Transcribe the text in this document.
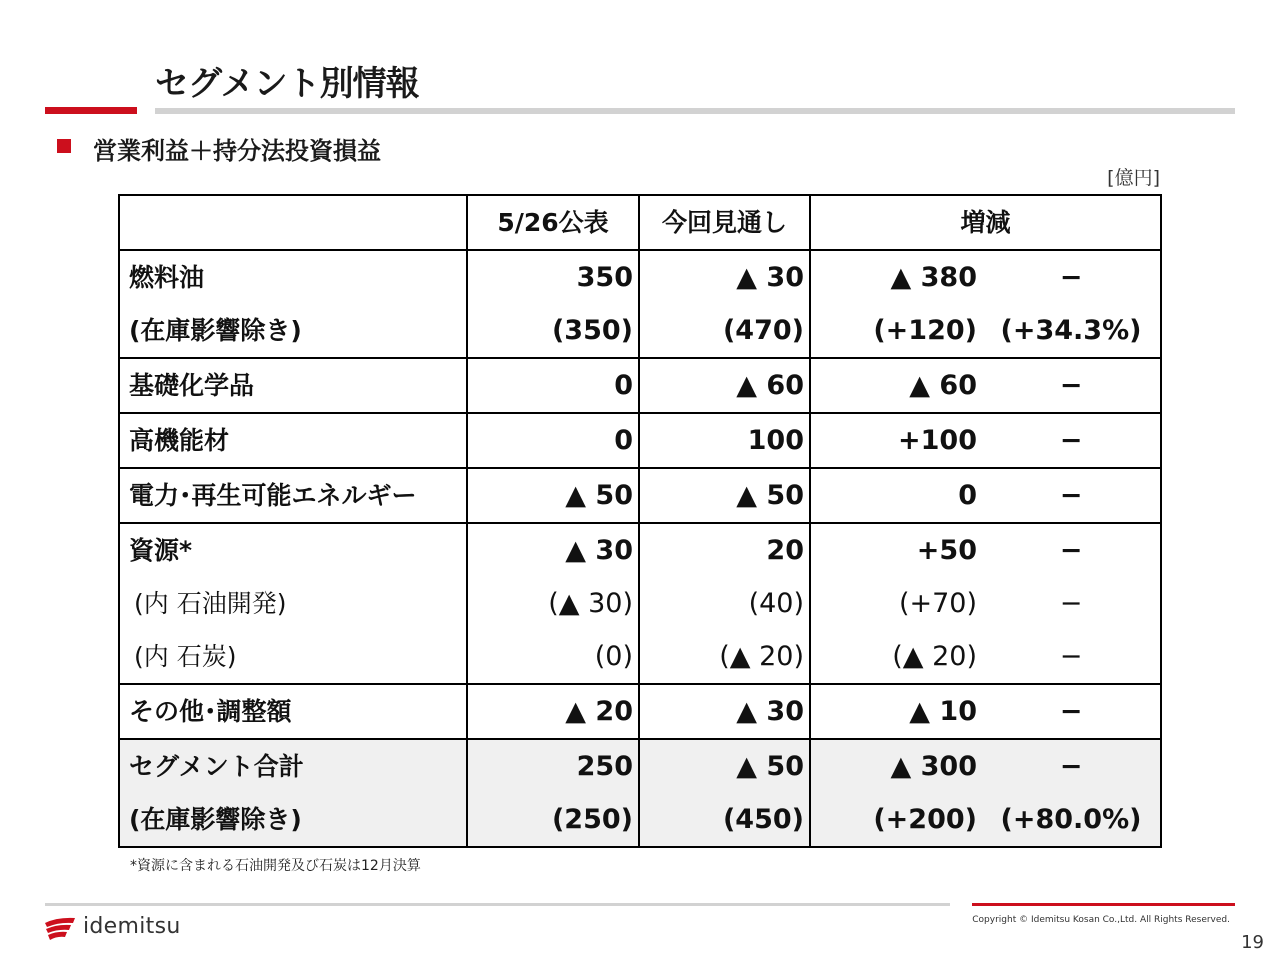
セグメント別情報
営業利益＋持分法投資損益
[億円]
	5/26公表	今回見通し	増減	
燃料油	350	▲ 30	▲ 380	−
(在庫影響除き)	(350)	(470)	(+120)	(+34.3%)
基礎化学品	0	▲ 60	▲ 60	−
高機能材	0	100	+100	−
電力･再生可能エネルギー	▲ 50	▲ 50	0	−
資源*	▲ 30	20	+50	−
(内 石油開発)	(▲ 30)	(40)	(+70)	−
(内 石炭)	(0)	(▲ 20)	(▲ 20)	−
その他･調整額	▲ 20	▲ 30	▲ 10	−
セグメント合計	250	▲ 50	▲ 300	−
(在庫影響除き)	(250)	(450)	(+200)	(+80.0%)
*資源に含まれる石油開発及び石炭は12月決算
idemitsu	Copyright © Idemitsu Kosan Co.,Ltd. All Rights Reserved.
19
